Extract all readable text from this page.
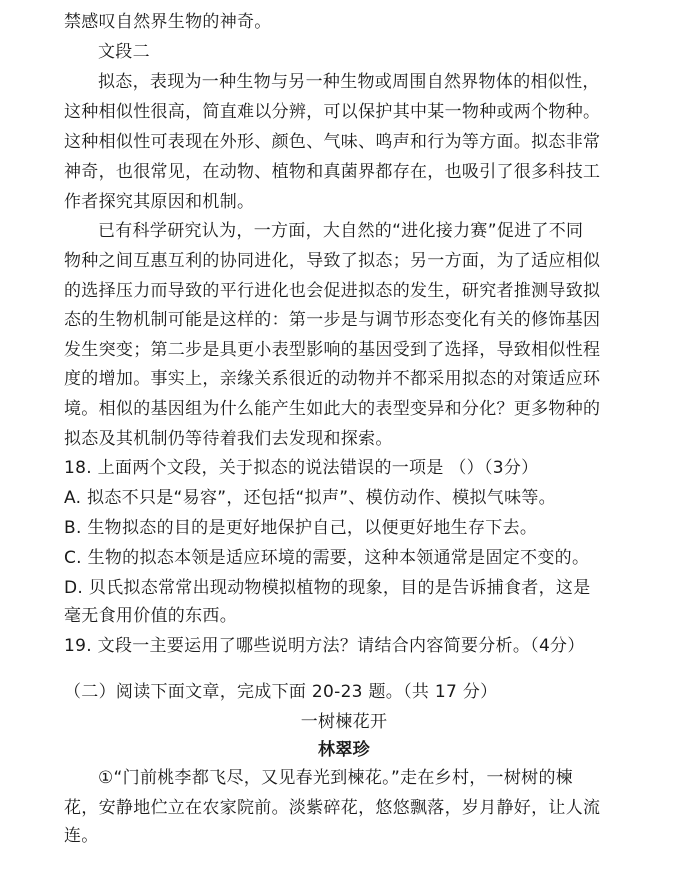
禁感叹自然界生物的神奇。
文段二
拟态，表现为一种生物与另一种生物或周围自然界物体的相似性，
这种相似性很高，简直难以分辨，可以保护其中某一物种或两个物种。
这种相似性可表现在外形、颜色、气味、鸣声和行为等方面。拟态非常
神奇，也很常见，在动物、植物和真菌界都存在，也吸引了很多科技工
作者探究其原因和机制。
已有科学研究认为，一方面，大自然的“进化接力赛”促进了不同
物种之间互惠互利的协同进化，导致了拟态；另一方面，为了适应相似
的选择压力而导致的平行进化也会促进拟态的发生，研究者推测导致拟
态的生物机制可能是这样的：第一步是与调节形态变化有关的修饰基因
发生突变；第二步是具更小表型影响的基因受到了选择，导致相似性程
度的增加。事实上，亲缘关系很近的动物并不都采用拟态的对策适应环
境。相似的基因组为什么能产生如此大的表型变异和分化？更多物种的
拟态及其机制仍等待着我们去发现和探索。
18. 上面两个文段，关于拟态的说法错误的一项是 （）（3分）
A. 拟态不只是“易容”，还包括“拟声”、模仿动作、模拟气味等。
B. 生物拟态的目的是更好地保护自己，以便更好地生存下去。
C. 生物的拟态本领是适应环境的需要，这种本领通常是固定不变的。
D. 贝氏拟态常常出现动物模拟植物的现象，目的是告诉捕食者，这是
毫无食用价值的东西。
19. 文段一主要运用了哪些说明方法？请结合内容简要分析。（4分）
（二）阅读下面文章，完成下面 20-23 题。（共 17 分）
一树楝花开
林翠珍
①“门前桃李都飞尽，又见春光到楝花。”走在乡村，一树树的楝
花，安静地伫立在农家院前。淡紫碎花，悠悠飘落，岁月静好，让人流
连。
